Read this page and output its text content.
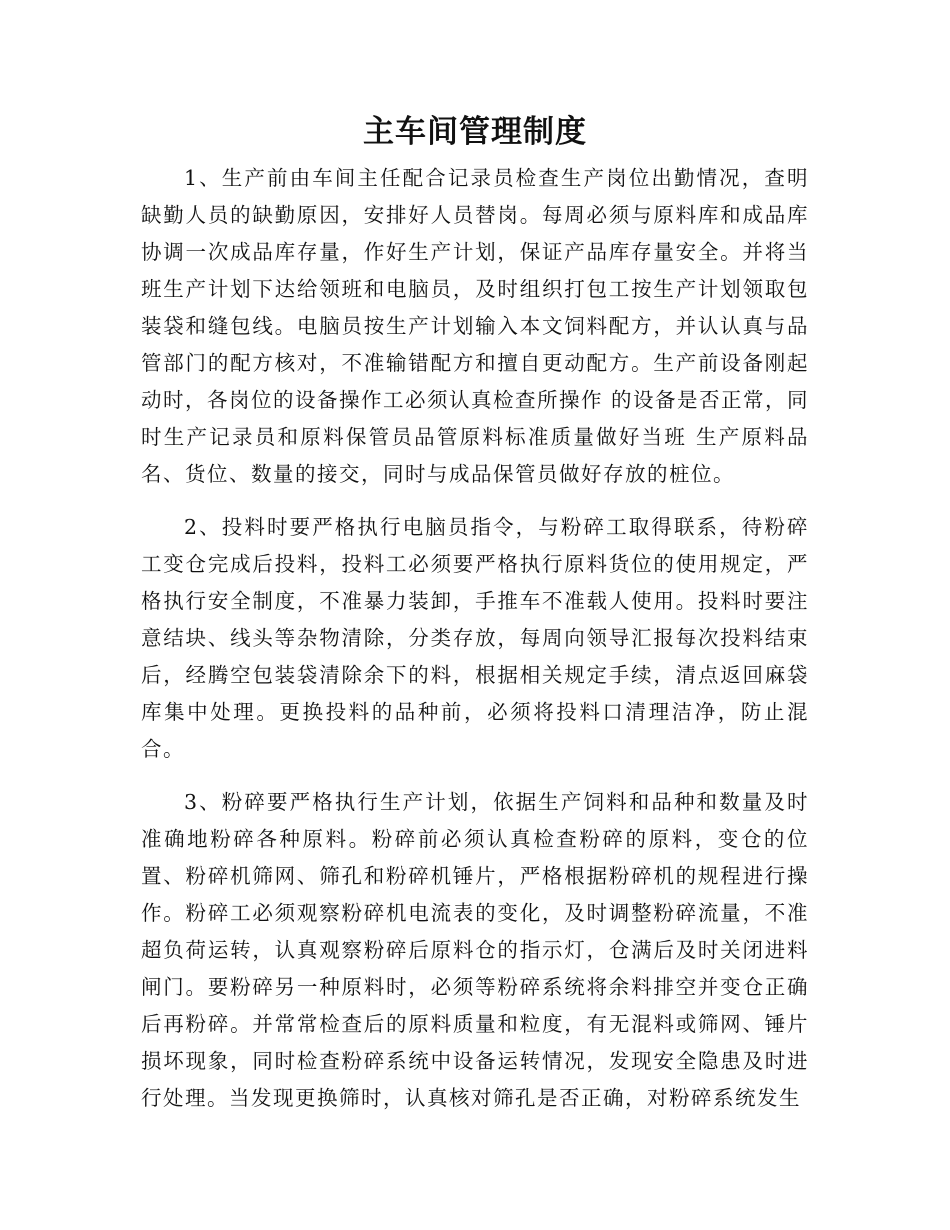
主车间管理制度

1、生产前由车间主任配合记录员检查生产岗位出勤情况，查明缺勤人员的缺勤原因，安排好人员替岗。每周必须与原料库和成品库协调一次成品库存量，作好生产计划，保证产品库存量安全。并将当班生产计划下达给领班和电脑员，及时组织打包工按生产计划领取包装袋和缝包线。电脑员按生产计划输入本文饲料配方，并认认真与品管部门的配方核对，不准输错配方和擅自更动配方。生产前设备刚起动时，各岗位的设备操作工必须认真检查所操作 的设备是否正常，同时生产记录员和原料保管员品管原料标准质量做好当班 生产原料品名、货位、数量的接交，同时与成品保管员做好存放的桩位。

2、投料时要严格执行电脑员指令，与粉碎工取得联系，待粉碎工变仓完成后投料，投料工必须要严格执行原料货位的使用规定，严格执行安全制度，不准暴力装卸，手推车不准载人使用。投料时要注意结块、线头等杂物清除，分类存放，每周向领导汇报每次投料结束后，经腾空包装袋清除余下的料，根据相关规定手续，清点返回麻袋库集中处理。更换投料的品种前，必须将投料口清理洁净，防止混合。

3、粉碎要严格执行生产计划，依据生产饲料和品种和数量及时准确地粉碎各种原料。粉碎前必须认真检查粉碎的原料，变仓的位置、粉碎机筛网、筛孔和粉碎机锤片，严格根据粉碎机的规程进行操作。粉碎工必须观察粉碎机电流表的变化，及时调整粉碎流量，不准超负荷运转，认真观察粉碎后原料仓的指示灯，仓满后及时关闭进料闸门。要粉碎另一种原料时，必须等粉碎系统将余料排空并变仓正确后再粉碎。并常常检查后的原料质量和粒度，有无混料或筛网、锤片损坏现象，同时检查粉碎系统中设备运转情况，发现安全隐患及时进行处理。当发现更换筛时，认真核对筛孔是否正确，对粉碎系统发生
